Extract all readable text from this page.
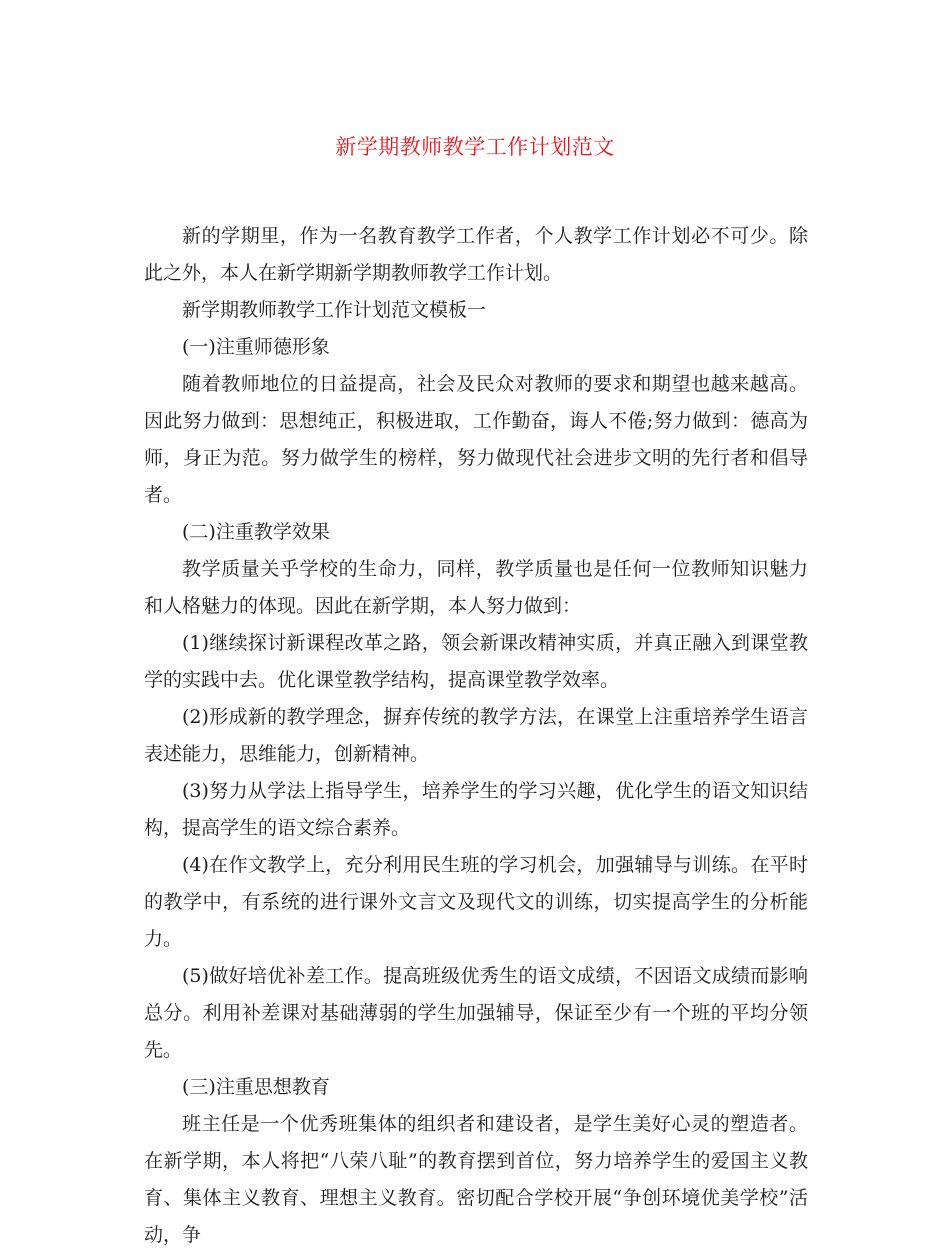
新学期教师教学工作计划范文

新的学期里，作为一名教育教学工作者，个人教学工作计划必不可少。除此之外，本人在新学期新学期教师教学工作计划。

新学期教师教学工作计划范文模板一

(一)注重师德形象

随着教师地位的日益提高，社会及民众对教师的要求和期望也越来越高。因此努力做到：思想纯正，积极进取，工作勤奋，诲人不倦;努力做到：德高为师，身正为范。努力做学生的榜样，努力做现代社会进步文明的先行者和倡导者。

(二)注重教学效果

教学质量关乎学校的生命力，同样，教学质量也是任何一位教师知识魅力和人格魅力的体现。因此在新学期，本人努力做到：

(1)继续探讨新课程改革之路，领会新课改精神实质，并真正融入到课堂教学的实践中去。优化课堂教学结构，提高课堂教学效率。

(2)形成新的教学理念，摒弃传统的教学方法，在课堂上注重培养学生语言表述能力，思维能力，创新精神。

(3)努力从学法上指导学生，培养学生的学习兴趣，优化学生的语文知识结构，提高学生的语文综合素养。

(4)在作文教学上，充分利用民生班的学习机会，加强辅导与训练。在平时的教学中，有系统的进行课外文言文及现代文的训练，切实提高学生的分析能力。

(5)做好培优补差工作。提高班级优秀生的语文成绩，不因语文成绩而影响总分。利用补差课对基础薄弱的学生加强辅导，保证至少有一个班的平均分领先。

(三)注重思想教育

班主任是一个优秀班集体的组织者和建设者，是学生美好心灵的塑造者。在新学期，本人将把“八荣八耻”的教育摆到首位，努力培养学生的爱国主义教育、集体主义教育、理想主义教育。密切配合学校开展“争创环境优美学校”活动，争
